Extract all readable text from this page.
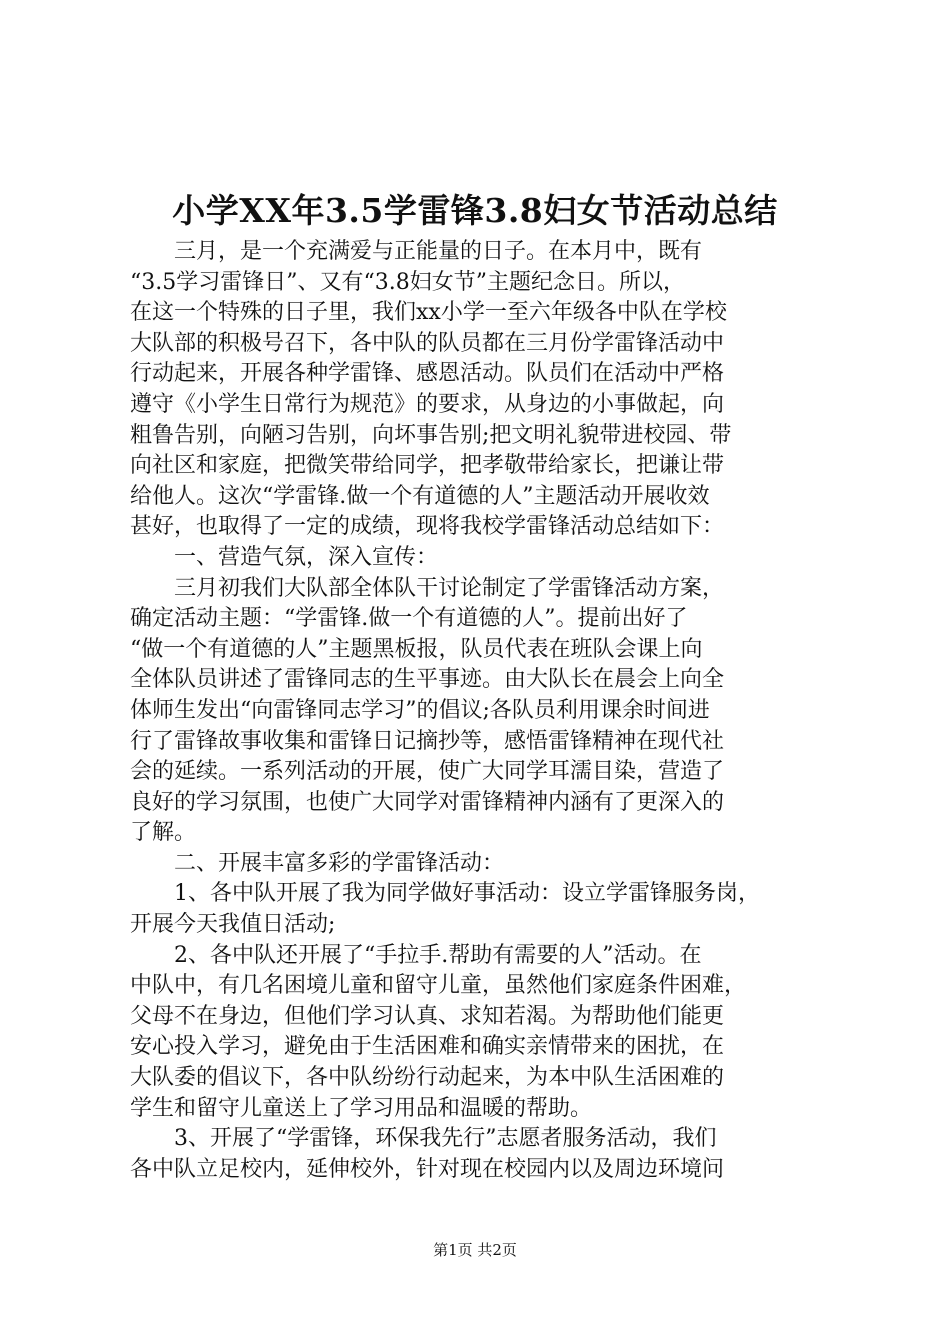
小学XX年3.5学雷锋3.8妇女节活动总结
　　三月，是一个充满爱与正能量的日子。在本月中，既有
“3.5学习雷锋日”、又有“3.8妇女节”主题纪念日。所以，
在这一个特殊的日子里，我们xx小学一至六年级各中队在学校
大队部的积极号召下，各中队的队员都在三月份学雷锋活动中
行动起来，开展各种学雷锋、感恩活动。队员们在活动中严格
遵守《小学生日常行为规范》的要求，从身边的小事做起，向
粗鲁告别，向陋习告别，向坏事告别;把文明礼貌带进校园、带
向社区和家庭，把微笑带给同学，把孝敬带给家长，把谦让带
给他人。这次“学雷锋.做一个有道德的人”主题活动开展收效
甚好，也取得了一定的成绩，现将我校学雷锋活动总结如下：
　　一、营造气氛，深入宣传：
　　三月初我们大队部全体队干讨论制定了学雷锋活动方案，
确定活动主题：“学雷锋.做一个有道德的人”。提前出好了
“做一个有道德的人”主题黑板报，队员代表在班队会课上向
全体队员讲述了雷锋同志的生平事迹。由大队长在晨会上向全
体师生发出“向雷锋同志学习”的倡议;各队员利用课余时间进
行了雷锋故事收集和雷锋日记摘抄等，感悟雷锋精神在现代社
会的延续。一系列活动的开展，使广大同学耳濡目染，营造了
良好的学习氛围，也使广大同学对雷锋精神内涵有了更深入的
了解。
　　二、开展丰富多彩的学雷锋活动：
　　1、各中队开展了我为同学做好事活动：设立学雷锋服务岗，
开展今天我值日活动;
　　2、各中队还开展了“手拉手.帮助有需要的人”活动。在
中队中，有几名困境儿童和留守儿童，虽然他们家庭条件困难，
父母不在身边，但他们学习认真、求知若渴。为帮助他们能更
安心投入学习，避免由于生活困难和确实亲情带来的困扰，在
大队委的倡议下，各中队纷纷行动起来，为本中队生活困难的
学生和留守儿童送上了学习用品和温暖的帮助。
　　3、开展了“学雷锋，环保我先行”志愿者服务活动，我们
各中队立足校内，延伸校外，针对现在校园内以及周边环境问
第1页 共2页
